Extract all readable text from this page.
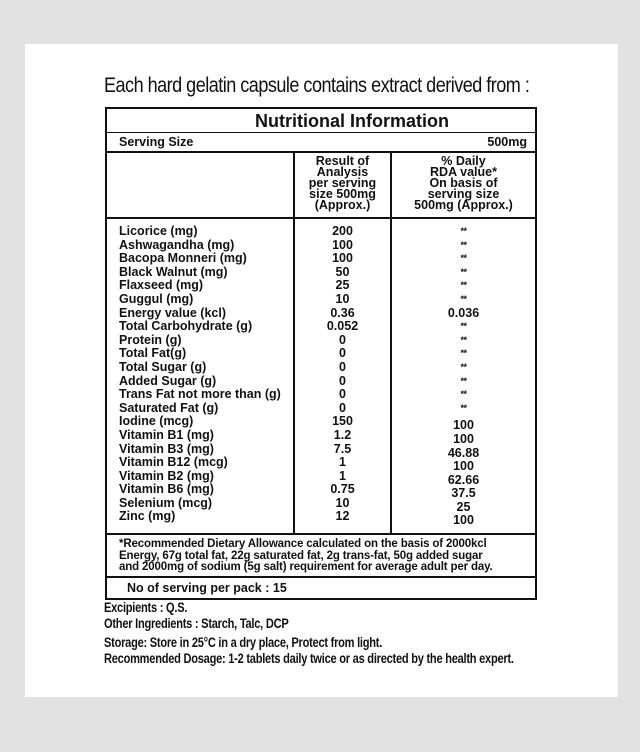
Each hard gelatin capsule contains extract derived from :
Nutritional Information
Serving Size	500mg
Result of
Analysis
per serving
size 500mg
(Approx.)
% Daily
RDA value*
On basis of
serving size
500mg (Approx.)
Licorice (mg)
Ashwagandha (mg)
Bacopa Monneri (mg)
Black Walnut (mg)
Flaxseed (mg)
Guggul (mg)
Energy value (kcl)
Total Carbohydrate (g)
Protein (g)
Total Fat(g)
Total Sugar (g)
Added Sugar (g)
Trans Fat not more than (g)
Saturated Fat (g)
Iodine (mcg)
Vitamin B1 (mg)
Vitamin B3 (mg)
Vitamin B12 (mcg)
Vitamin B2 (mg)
Vitamin B6 (mg)
Selenium (mcg)
Zinc (mg)
200
100
100
50
25
10
0.36
0.052
0
0
0
0
0
0
150
1.2
7.5
1
1
0.75
10
12
**
**
**
**
**
**
0.036
**
**
**
**
**
**
**
100
100
46.88
100
62.66
37.5
25
100
*Recommended Dietary Allowance calculated on the basis of 2000kcl
Energy, 67g total fat, 22g saturated fat, 2g trans-fat, 50g added sugar
and 2000mg of sodium (5g salt) requirement for average adult per day.
No of serving per pack : 15
Excipients : Q.S.
Other Ingredients : Starch, Talc, DCP
Storage: Store in 25°C in a dry place, Protect from light.
Recommended Dosage: 1-2 tablets daily twice or as directed by the health expert.
